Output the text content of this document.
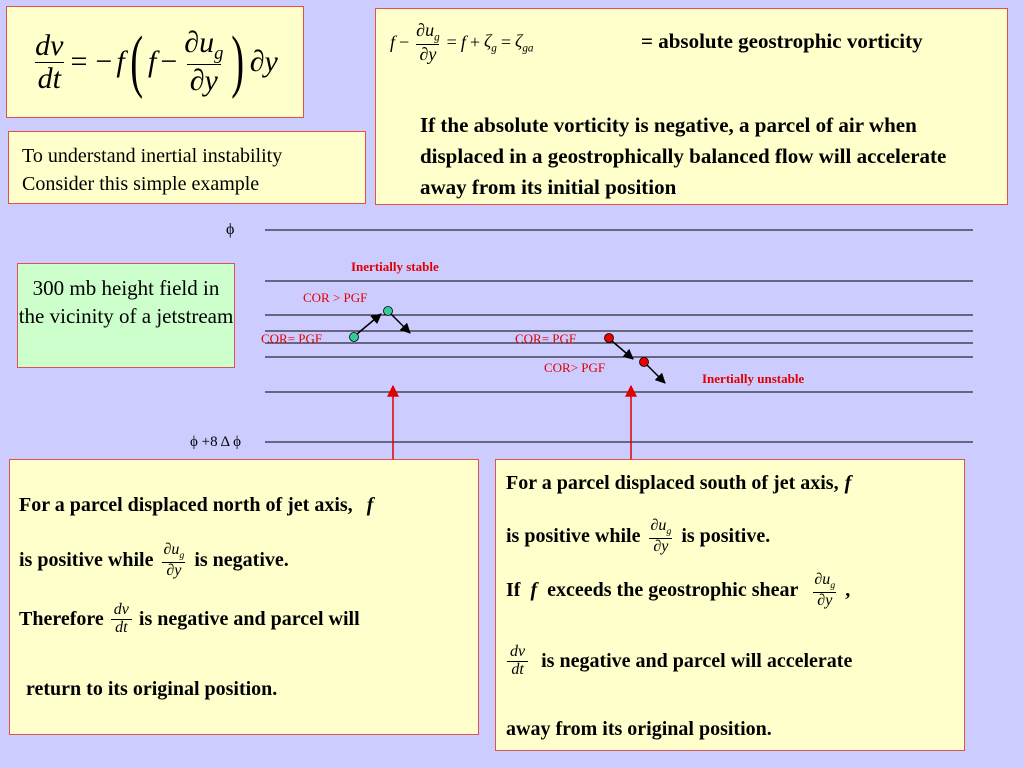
$\frac{dv}{dt}$ = − f ( $f - \frac{\partial u_g}{\partial y}$ ) ∂y
To understand inertial instability
Consider this simple example
$f - \frac{\partial u_g}{\partial y} = f + \zeta_g = \zeta_{ga}$	= absolute geostrophic vorticity
If the absolute vorticity is negative, a parcel of air when displaced in a geostrophically balanced flow will accelerate away from its initial position
300 mb height field in the vicinity of a jetstream
Inertially stable
COR > PGF
COR= PGF	COR= PGF
COR> PGF
Inertially unstable
ϕ
ϕ +8 Δ ϕ
For a parcel displaced north of jet axis, f
is positive while $\frac{\partial u_g}{\partial y}$ is negative.
Therefore $\frac{dv}{dt}$ is negative and parcel will
return to its original position.
For a parcel displaced south of jet axis, f
is positive while $\frac{\partial u_g}{\partial y}$ is positive.
If f exceeds the geostrophic shear $\frac{\partial u_g}{\partial y}$ ,
$\frac{dv}{dt}$ is negative and parcel will accelerate
away from its original position.
